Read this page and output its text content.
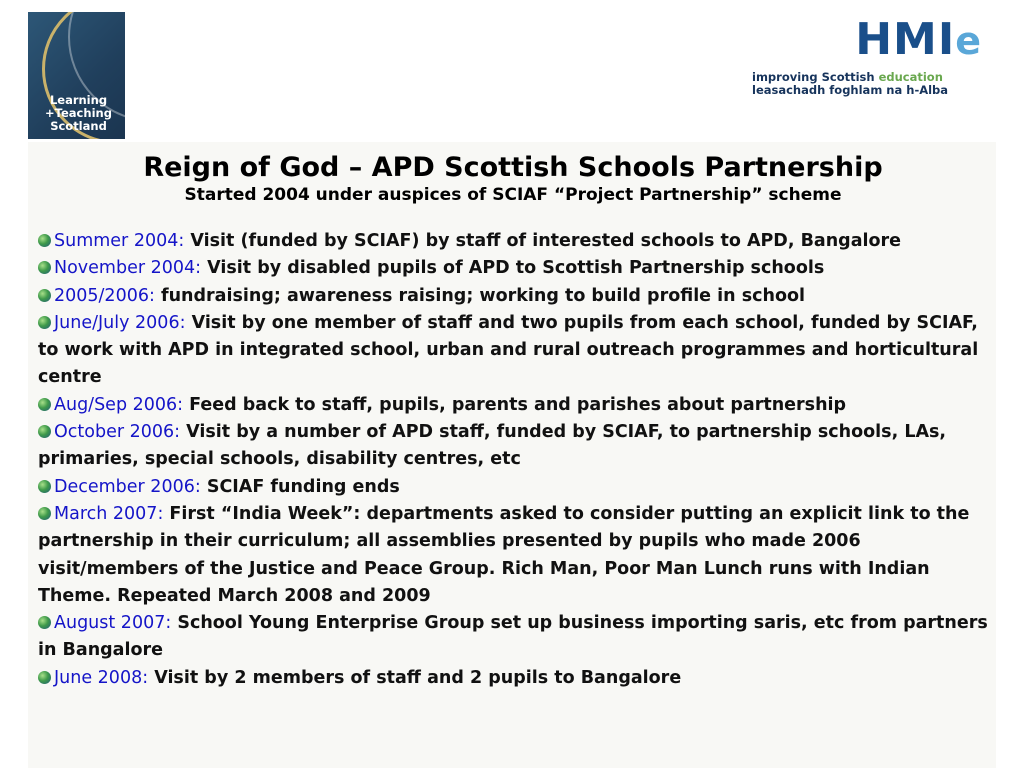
Learning
+Teaching
Scotland
HMIe
improving Scottish education
leasachadh foghlam na h-Alba
Reign of God – APD Scottish Schools Partnership

Started 2004 under auspices of SCIAF “Project Partnership” scheme

Summer 2004: Visit (funded by SCIAF) by staff of interested schools to APD, Bangalore
November 2004: Visit by disabled pupils of APD to Scottish Partnership schools
2005/2006: fundraising; awareness raising; working to build profile in school
June/July 2006: Visit by one member of staff and two pupils from each school, funded by SCIAF, to work with APD in integrated school, urban and rural outreach programmes and horticultural centre
Aug/Sep 2006: Feed back to staff, pupils, parents and parishes about partnership
October 2006: Visit by a number of APD staff, funded by SCIAF, to partnership schools, LAs, primaries, special schools, disability centres, etc
December 2006: SCIAF funding ends
March 2007: First “India Week”: departments asked to consider putting an explicit link to the partnership in their curriculum; all assemblies presented by pupils who made 2006 visit/members of the Justice and Peace Group. Rich Man, Poor Man Lunch runs with Indian Theme. Repeated March 2008 and 2009
August 2007: School Young Enterprise Group set up business importing saris, etc from partners in Bangalore
June 2008: Visit by 2 members of staff and 2 pupils to Bangalore
